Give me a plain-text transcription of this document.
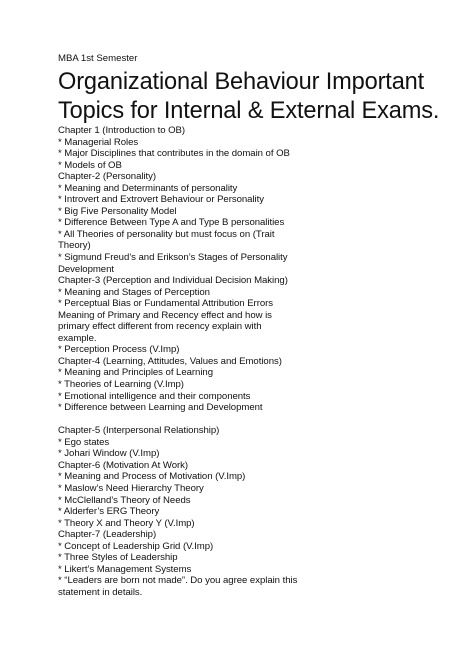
MBA 1st Semester
Organizational Behaviour Important
Topics for Internal & External Exams.
Chapter 1 (Introduction to OB)
* Managerial Roles
* Major Disciplines that contributes in the domain of OB
* Models of OB
Chapter-2 (Personality)
* Meaning and Determinants of personality
* Introvert and Extrovert Behaviour or Personality
* Big Five Personality Model
* Difference Between Type A and Type B personalities
* All Theories of personality but must focus on (Trait
Theory)
* Sigmund Freud’s and Erikson’s Stages of Personality
Development
Chapter-3 (Perception and Individual Decision Making)
* Meaning and Stages of Perception
* Perceptual Bias or Fundamental Attribution Errors
Meaning of Primary and Recency effect and how is
primary effect different from recency explain with
example.
* Perception Process (V.Imp)
Chapter-4 (Learning, Attitudes, Values and Emotions)
* Meaning and Principles of Learning
* Theories of Learning (V.Imp)
* Emotional intelligence and their components
* Difference between Learning and Development
Chapter-5 (Interpersonal Relationship)
* Ego states
* Johari Window (V.Imp)
Chapter-6 (Motivation At Work)
* Meaning and Process of Motivation (V.Imp)
* Maslow’s Need Hierarchy Theory
* McClelland’s Theory of Needs
* Alderfer’s ERG Theory
* Theory X and Theory Y (V.Imp)
Chapter-7 (Leadership)
* Concept of Leadership Grid (V.Imp)
* Three Styles of Leadership
* Likert’s Management Systems
* “Leaders are born not made”. Do you agree explain this
statement in details.
